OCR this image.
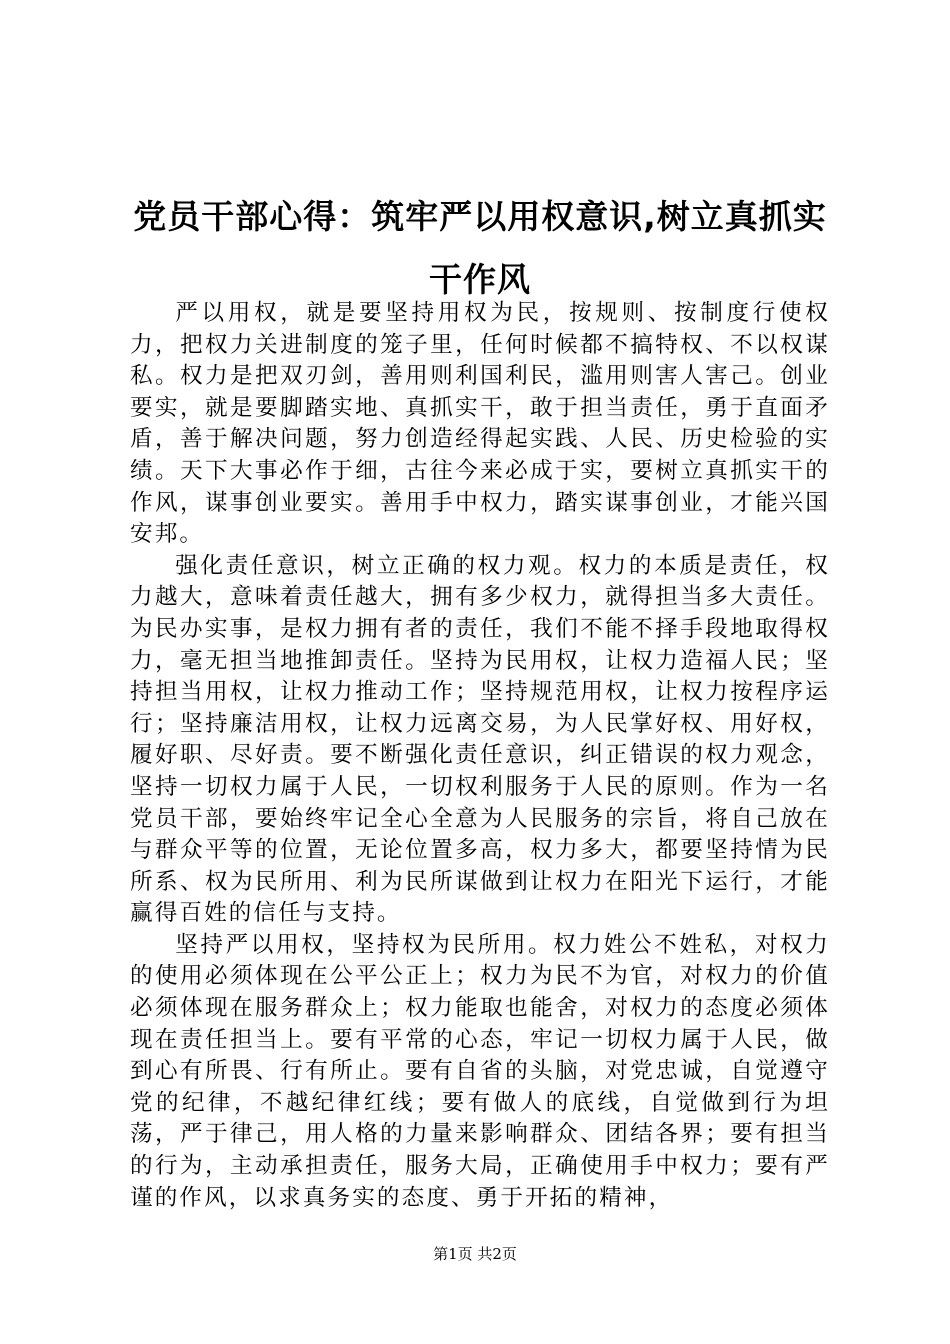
党员干部心得：筑牢严以用权意识,树立真抓实干作风

严以用权，就是要坚持用权为民，按规则、按制度行使权力，把权力关进制度的笼子里，任何时候都不搞特权、不以权谋私。权力是把双刃剑，善用则利国利民，滥用则害人害己。创业要实，就是要脚踏实地、真抓实干，敢于担当责任，勇于直面矛盾，善于解决问题，努力创造经得起实践、人民、历史检验的实绩。天下大事必作于细，古往今来必成于实，要树立真抓实干的作风，谋事创业要实。善用手中权力，踏实谋事创业，才能兴国安邦。

强化责任意识，树立正确的权力观。权力的本质是责任，权力越大，意味着责任越大，拥有多少权力，就得担当多大责任。为民办实事，是权力拥有者的责任，我们不能不择手段地取得权力，毫无担当地推卸责任。坚持为民用权，让权力造福人民；坚持担当用权，让权力推动工作；坚持规范用权，让权力按程序运行；坚持廉洁用权，让权力远离交易，为人民掌好权、用好权，履好职、尽好责。要不断强化责任意识，纠正错误的权力观念，坚持一切权力属于人民，一切权利服务于人民的原则。作为一名党员干部，要始终牢记全心全意为人民服务的宗旨，将自己放在与群众平等的位置，无论位置多高，权力多大，都要坚持情为民所系、权为民所用、利为民所谋做到让权力在阳光下运行，才能赢得百姓的信任与支持。

坚持严以用权，坚持权为民所用。权力姓公不姓私，对权力的使用必须体现在公平公正上；权力为民不为官，对权力的价值必须体现在服务群众上；权力能取也能舍，对权力的态度必须体现在责任担当上。要有平常的心态，牢记一切权力属于人民，做到心有所畏、行有所止。要有自省的头脑，对党忠诚，自觉遵守党的纪律，不越纪律红线；要有做人的底线，自觉做到行为坦荡，严于律己，用人格的力量来影响群众、团结各界；要有担当的行为，主动承担责任，服务大局，正确使用手中权力；要有严谨的作风，以求真务实的态度、勇于开拓的精神，

第1页 共2页
